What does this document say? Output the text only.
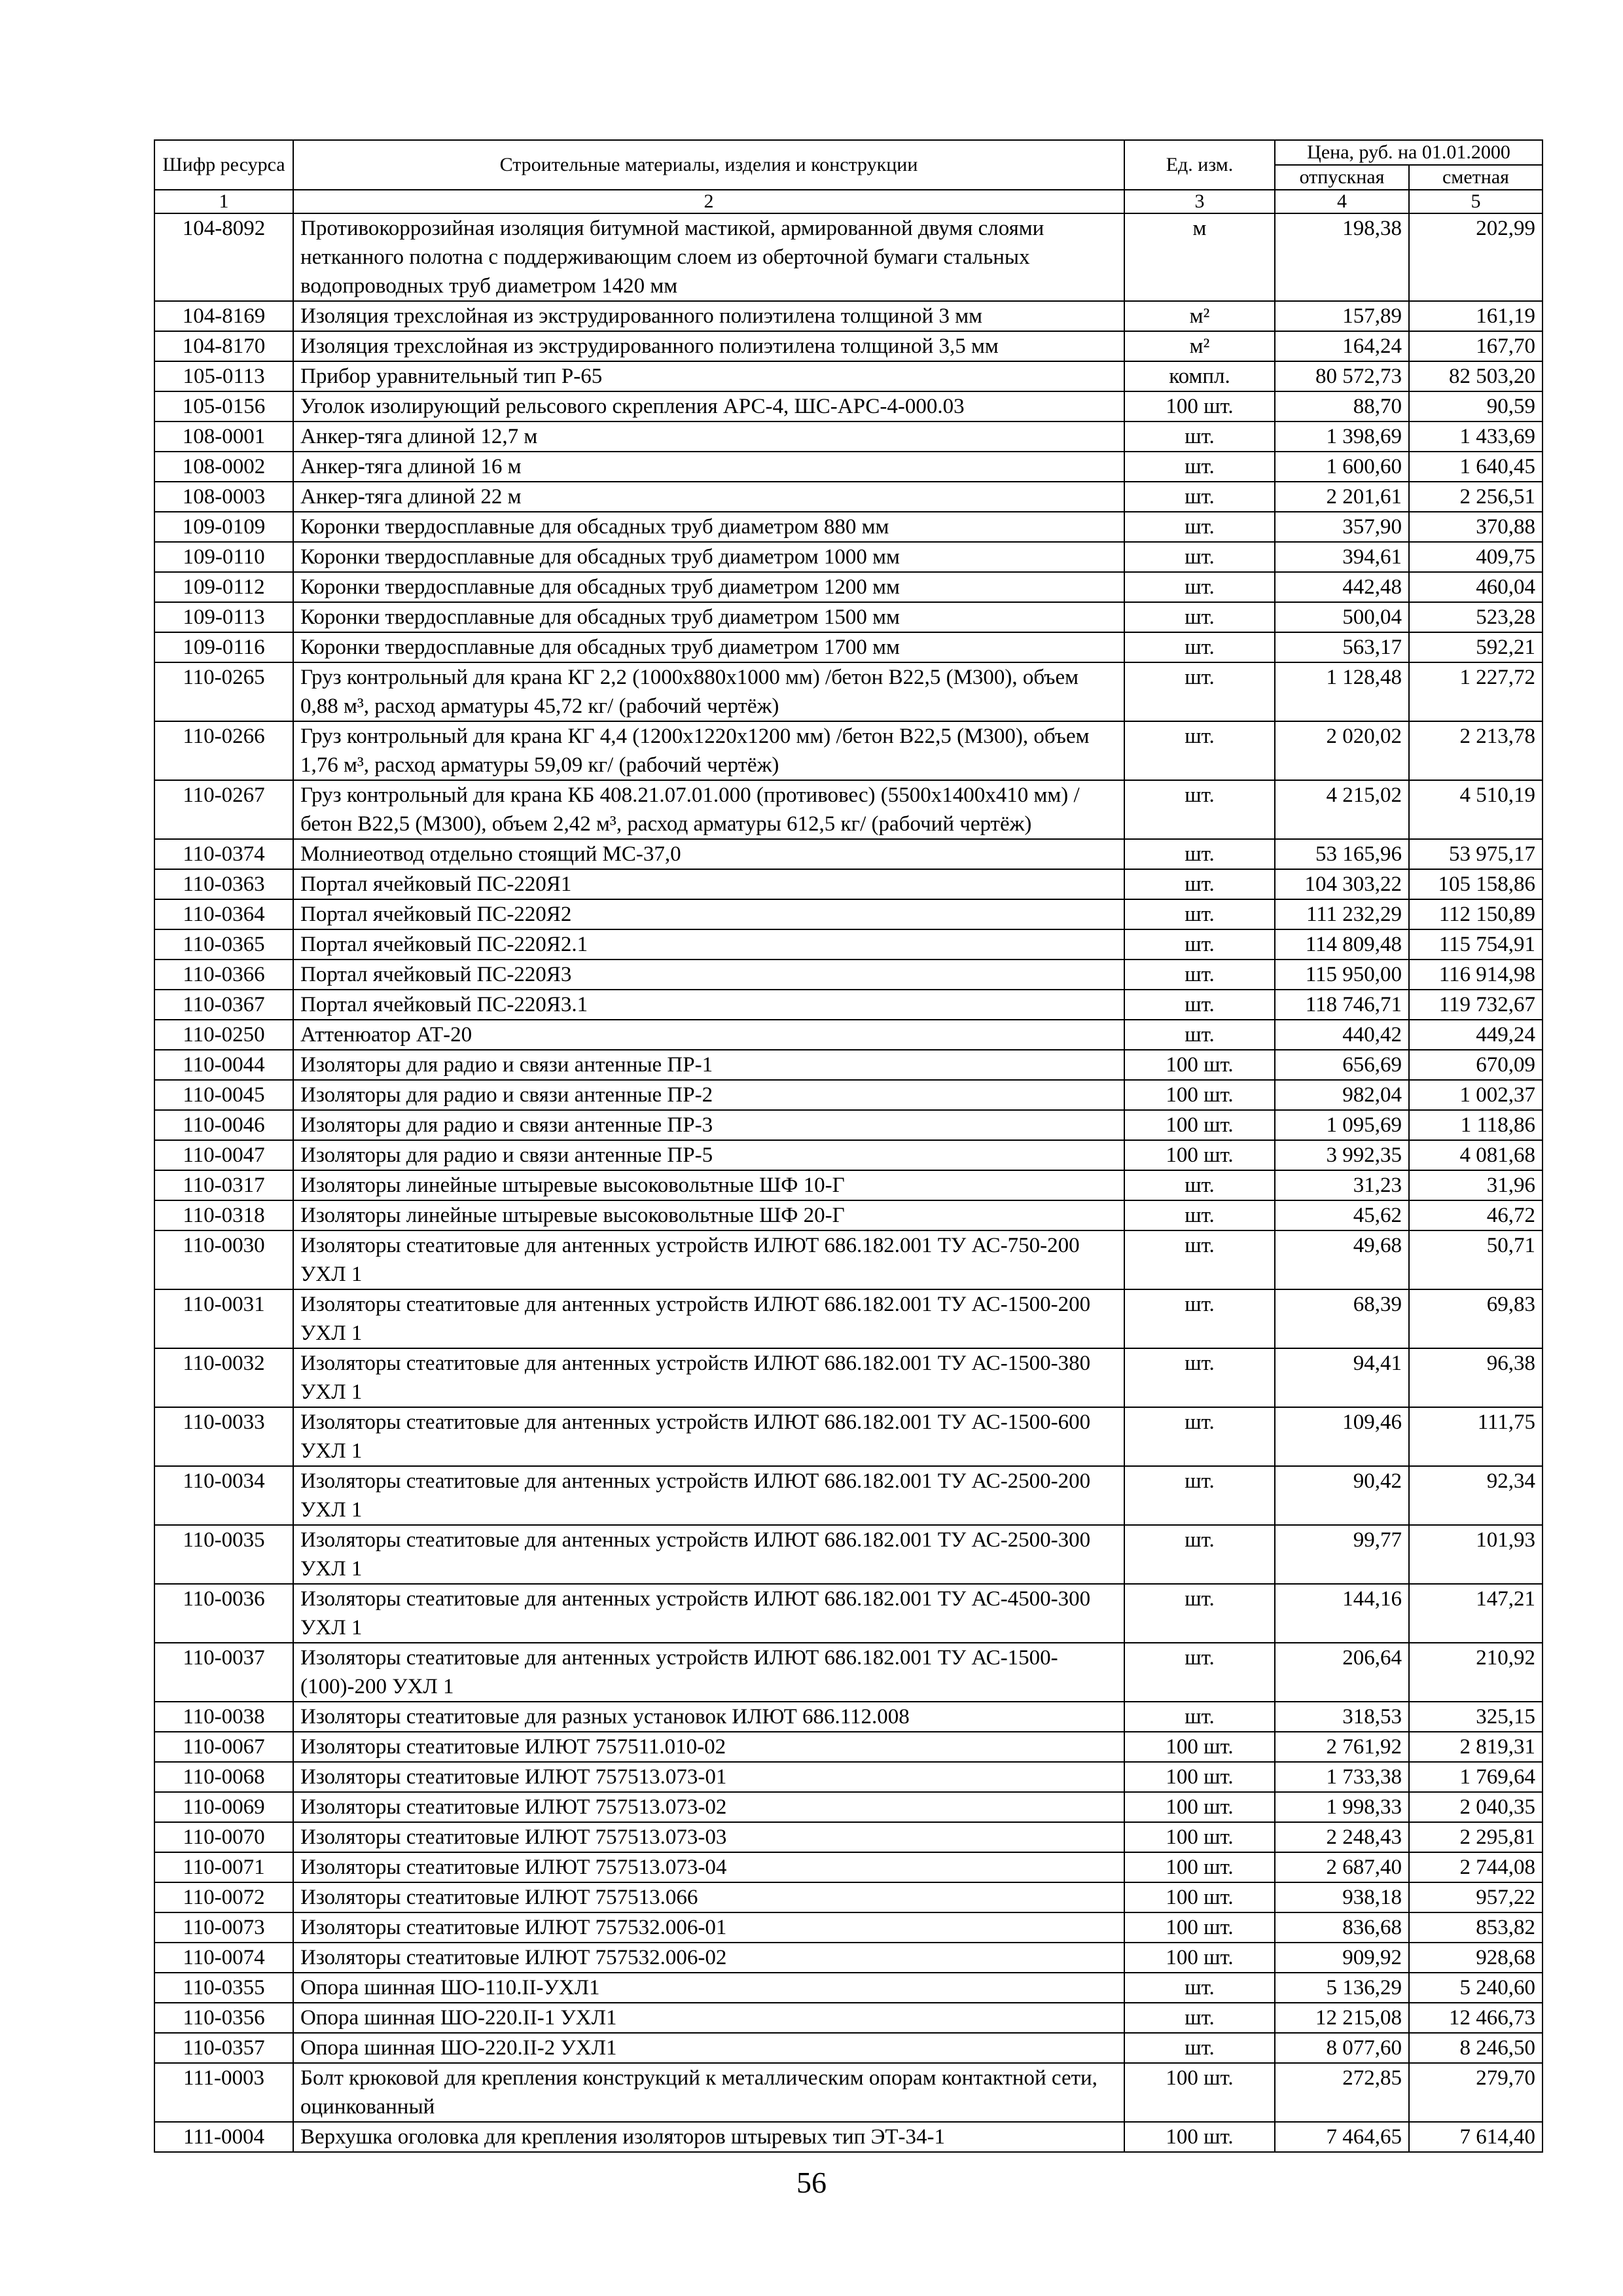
Шифр ресурса	Строительные материалы, изделия и конструкции	Ед. изм.	Цена, руб. на 01.01.2000	
			отпускная	сметная
1	2	3	4	5
104-8092	Противокоррозийная изоляция битумной мастикой, армированной двумя слоями нетканного полотна с поддерживающим слоем из оберточной бумаги стальных водопроводных труб диаметром 1420 мм	м	198,38	202,99
104-8169	Изоляция трехслойная из экструдированного полиэтилена толщиной 3 мм	м²	157,89	161,19
104-8170	Изоляция трехслойная из экструдированного полиэтилена толщиной 3,5 мм	м²	164,24	167,70
105-0113	Прибор уравнительный тип Р-65	компл.	80 572,73	82 503,20
105-0156	Уголок изолирующий рельсового скрепления АРС-4, ШС-АРС-4-000.03	100 шт.	88,70	90,59
108-0001	Анкер-тяга длиной 12,7 м	шт.	1 398,69	1 433,69
108-0002	Анкер-тяга длиной 16 м	шт.	1 600,60	1 640,45
108-0003	Анкер-тяга длиной 22 м	шт.	2 201,61	2 256,51
109-0109	Коронки твердосплавные для обсадных труб диаметром 880 мм	шт.	357,90	370,88
109-0110	Коронки твердосплавные для обсадных труб диаметром 1000 мм	шт.	394,61	409,75
109-0112	Коронки твердосплавные для обсадных труб диаметром 1200 мм	шт.	442,48	460,04
109-0113	Коронки твердосплавные для обсадных труб диаметром 1500 мм	шт.	500,04	523,28
109-0116	Коронки твердосплавные для обсадных труб диаметром 1700 мм	шт.	563,17	592,21
110-0265	Груз контрольный для крана КГ 2,2 (1000х880х1000 мм) /бетон В22,5 (М300), объем 0,88 м³, расход арматуры 45,72 кг/ (рабочий чертёж)	шт.	1 128,48	1 227,72
110-0266	Груз контрольный для крана КГ 4,4 (1200х1220х1200 мм) /бетон В22,5 (М300), объем 1,76 м³, расход арматуры 59,09 кг/ (рабочий чертёж)	шт.	2 020,02	2 213,78
110-0267	Груз контрольный для крана КБ 408.21.07.01.000 (противовес) (5500х1400х410 мм) /бетон В22,5 (М300), объем 2,42 м³, расход арматуры 612,5 кг/ (рабочий чертёж)	шт.	4 215,02	4 510,19
110-0374	Молниеотвод отдельно стоящий МС-37,0	шт.	53 165,96	53 975,17
110-0363	Портал ячейковый ПС-220Я1	шт.	104 303,22	105 158,86
110-0364	Портал ячейковый ПС-220Я2	шт.	111 232,29	112 150,89
110-0365	Портал ячейковый ПС-220Я2.1	шт.	114 809,48	115 754,91
110-0366	Портал ячейковый ПС-220Я3	шт.	115 950,00	116 914,98
110-0367	Портал ячейковый ПС-220Я3.1	шт.	118 746,71	119 732,67
110-0250	Аттенюатор АТ-20	шт.	440,42	449,24
110-0044	Изоляторы для радио и связи антенные ПР-1	100 шт.	656,69	670,09
110-0045	Изоляторы для радио и связи антенные ПР-2	100 шт.	982,04	1 002,37
110-0046	Изоляторы для радио и связи антенные ПР-3	100 шт.	1 095,69	1 118,86
110-0047	Изоляторы для радио и связи антенные ПР-5	100 шт.	3 992,35	4 081,68
110-0317	Изоляторы линейные штыревые высоковольтные ШФ 10-Г	шт.	31,23	31,96
110-0318	Изоляторы линейные штыревые высоковольтные ШФ 20-Г	шт.	45,62	46,72
110-0030	Изоляторы стеатитовые для антенных устройств ИЛЮТ 686.182.001 ТУ АС-750-200 УХЛ 1	шт.	49,68	50,71
110-0031	Изоляторы стеатитовые для антенных устройств ИЛЮТ 686.182.001 ТУ АС-1500-200 УХЛ 1	шт.	68,39	69,83
110-0032	Изоляторы стеатитовые для антенных устройств ИЛЮТ 686.182.001 ТУ АС-1500-380 УХЛ 1	шт.	94,41	96,38
110-0033	Изоляторы стеатитовые для антенных устройств ИЛЮТ 686.182.001 ТУ АС-1500-600 УХЛ 1	шт.	109,46	111,75
110-0034	Изоляторы стеатитовые для антенных устройств ИЛЮТ 686.182.001 ТУ АС-2500-200 УХЛ 1	шт.	90,42	92,34
110-0035	Изоляторы стеатитовые для антенных устройств ИЛЮТ 686.182.001 ТУ АС-2500-300 УХЛ 1	шт.	99,77	101,93
110-0036	Изоляторы стеатитовые для антенных устройств ИЛЮТ 686.182.001 ТУ АС-4500-300 УХЛ 1	шт.	144,16	147,21
110-0037	Изоляторы стеатитовые для антенных устройств ИЛЮТ 686.182.001 ТУ АС-1500-(100)-200 УХЛ 1	шт.	206,64	210,92
110-0038	Изоляторы стеатитовые для разных установок ИЛЮТ 686.112.008	шт.	318,53	325,15
110-0067	Изоляторы стеатитовые ИЛЮТ 757511.010-02	100 шт.	2 761,92	2 819,31
110-0068	Изоляторы стеатитовые ИЛЮТ 757513.073-01	100 шт.	1 733,38	1 769,64
110-0069	Изоляторы стеатитовые ИЛЮТ 757513.073-02	100 шт.	1 998,33	2 040,35
110-0070	Изоляторы стеатитовые ИЛЮТ 757513.073-03	100 шт.	2 248,43	2 295,81
110-0071	Изоляторы стеатитовые ИЛЮТ 757513.073-04	100 шт.	2 687,40	2 744,08
110-0072	Изоляторы стеатитовые ИЛЮТ 757513.066	100 шт.	938,18	957,22
110-0073	Изоляторы стеатитовые ИЛЮТ 757532.006-01	100 шт.	836,68	853,82
110-0074	Изоляторы стеатитовые ИЛЮТ 757532.006-02	100 шт.	909,92	928,68
110-0355	Опора шинная ШО-110.II-УХЛ1	шт.	5 136,29	5 240,60
110-0356	Опора шинная ШО-220.II-1 УХЛ1	шт.	12 215,08	12 466,73
110-0357	Опора шинная ШО-220.II-2 УХЛ1	шт.	8 077,60	8 246,50
111-0003	Болт крюковой для крепления конструкций к металлическим опорам контактной сети, оцинкованный	100 шт.	272,85	279,70
111-0004	Верхушка оголовка для крепления изоляторов штыревых тип ЭТ-34-1	100 шт.	7 464,65	7 614,40
56
